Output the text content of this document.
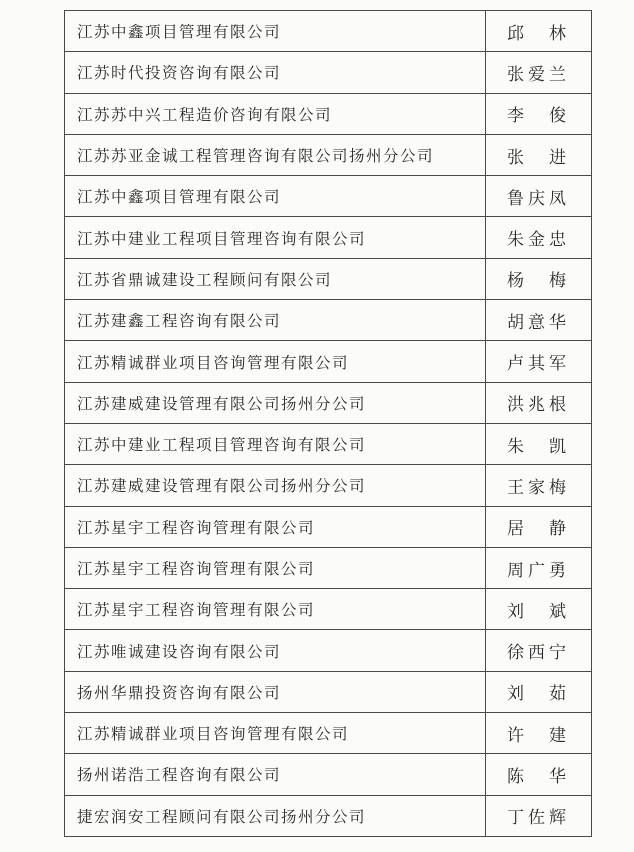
江苏中鑫项目管理有限公司	邱　林
江苏时代投资咨询有限公司	张爱兰
江苏苏中兴工程造价咨询有限公司	李　俊
江苏苏亚金诚工程管理咨询有限公司扬州分公司	张　进
江苏中鑫项目管理有限公司	鲁庆凤
江苏中建业工程项目管理咨询有限公司	朱金忠
江苏省鼎诚建设工程顾问有限公司	杨　梅
江苏建鑫工程咨询有限公司	胡意华
江苏精诚群业项目咨询管理有限公司	卢其军
江苏建威建设管理有限公司扬州分公司	洪兆根
江苏中建业工程项目管理咨询有限公司	朱　凯
江苏建威建设管理有限公司扬州分公司	王家梅
江苏星宇工程咨询管理有限公司	居　静
江苏星宇工程咨询管理有限公司	周广勇
江苏星宇工程咨询管理有限公司	刘　斌
江苏唯诚建设咨询有限公司	徐西宁
扬州华鼎投资咨询有限公司	刘　茹
江苏精诚群业项目咨询管理有限公司	许　建
扬州诺浩工程咨询有限公司	陈　华
捷宏润安工程顾问有限公司扬州分公司	丁佐辉
